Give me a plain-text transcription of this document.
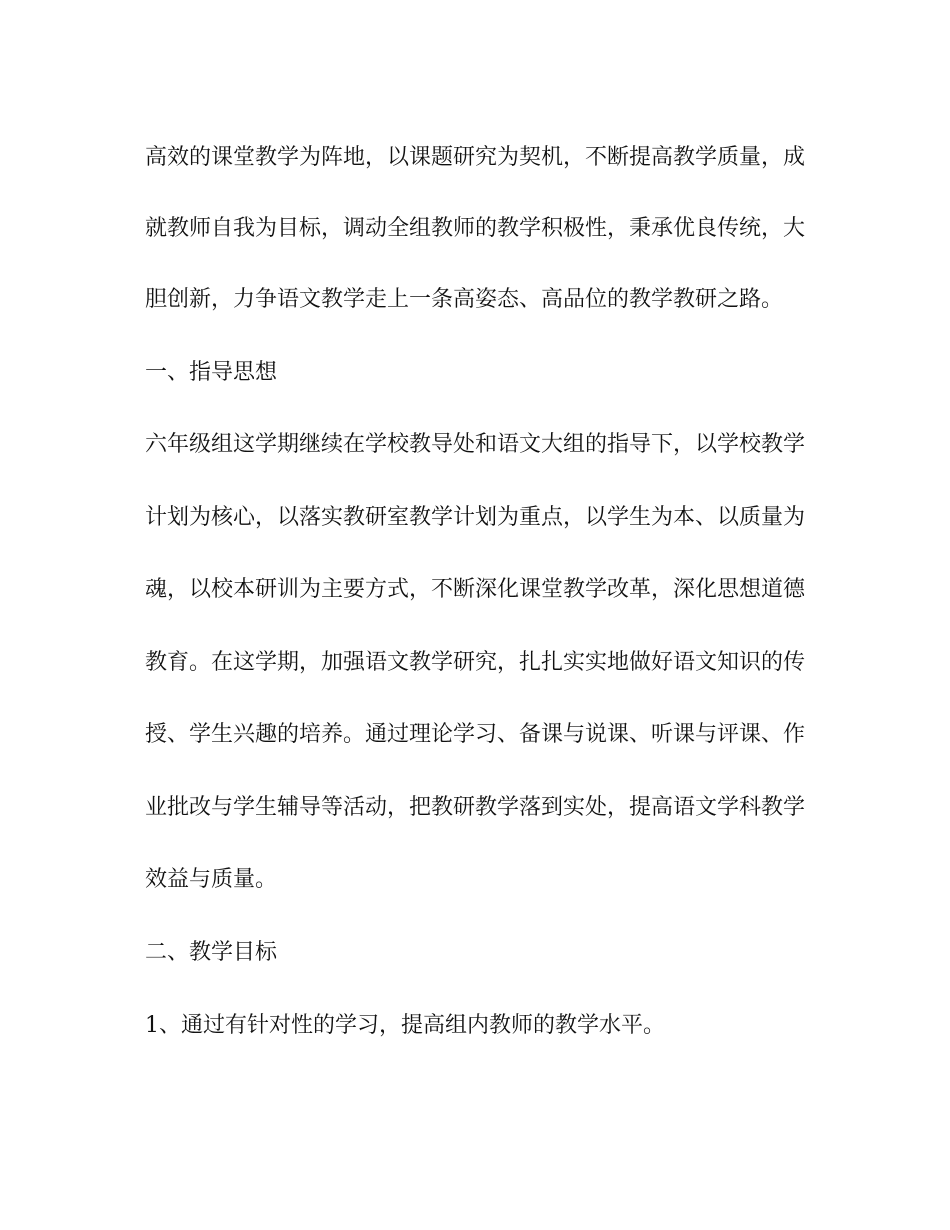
高效的课堂教学为阵地，以课题研究为契机，不断提高教学质量，成
就教师自我为目标，调动全组教师的教学积极性，秉承优良传统，大
胆创新，力争语文教学走上一条高姿态、高品位的教学教研之路。
一、指导思想
六年级组这学期继续在学校教导处和语文大组的指导下，以学校教学
计划为核心，以落实教研室教学计划为重点，以学生为本、以质量为
魂，以校本研训为主要方式，不断深化课堂教学改革，深化思想道德
教育。在这学期，加强语文教学研究，扎扎实实地做好语文知识的传
授、学生兴趣的培养。通过理论学习、备课与说课、听课与评课、作
业批改与学生辅导等活动，把教研教学落到实处，提高语文学科教学
效益与质量。
二、教学目标
1、通过有针对性的学习，提高组内教师的教学水平。
